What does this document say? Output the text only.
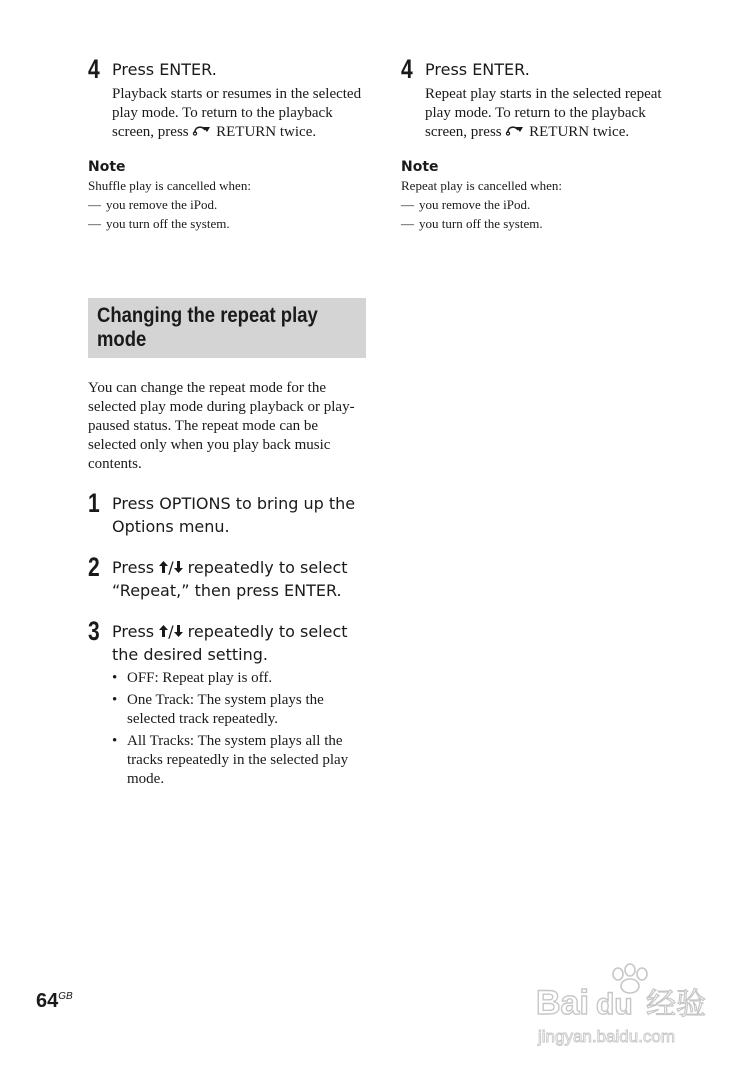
4 Press ENTER.
Playback starts or resumes in the selected play mode. To return to the playback screen, press  RETURN twice.
Note
Shuffle play is cancelled when:
— you remove the iPod.
— you turn off the system.
Changing the repeat play mode
You can change the repeat mode for the selected play mode during playback or play-paused status. The repeat mode can be selected only when you play back music contents.
1 Press OPTIONS to bring up the Options menu.
2 Press / repeatedly to select “Repeat,” then press ENTER.
3 Press / repeatedly to select the desired setting.
• OFF: Repeat play is off.
• One Track: The system plays the selected track repeatedly.
• All Tracks: The system plays all the tracks repeatedly in the selected play mode.
4 Press ENTER.
Repeat play starts in the selected repeat play mode. To return to the playback screen, press  RETURN twice.
Note
Repeat play is cancelled when:
— you remove the iPod.
— you turn off the system.
$64^{GB}$	Bai du 经验
jingyan.baidu.com
